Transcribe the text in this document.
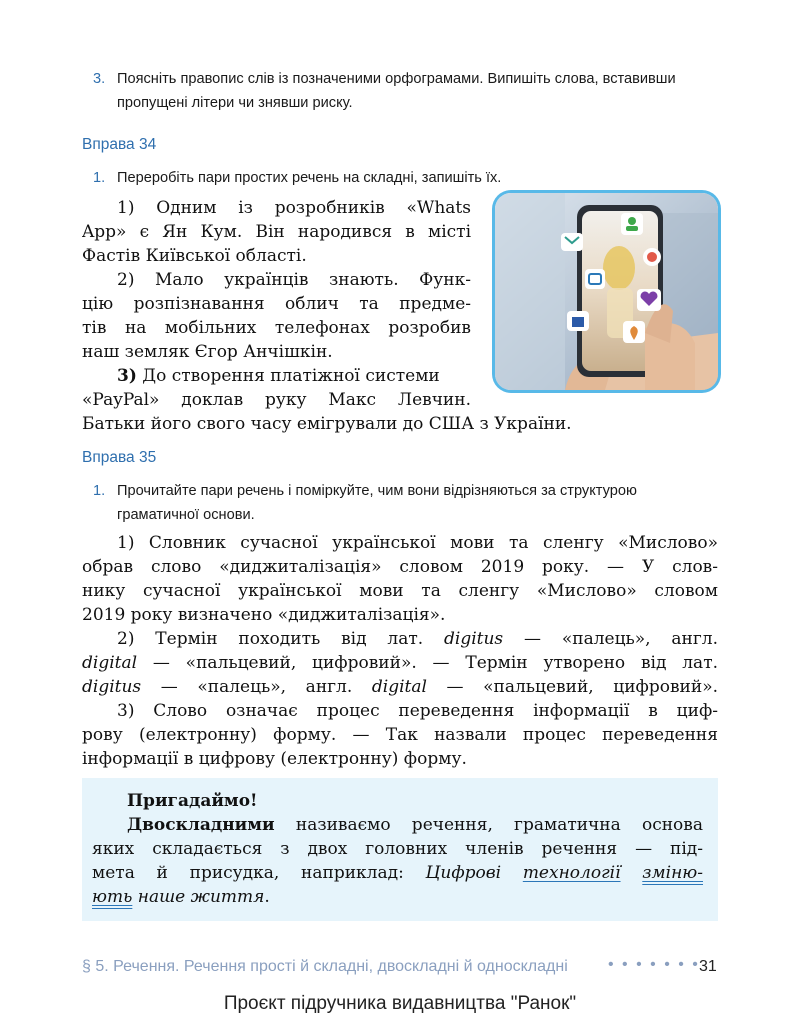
3. Поясніть правопис слів із позначеними орфограмами. Випишіть слова, вставивши пропущені літери чи знявши риску.
Вправа 34
1. Переробіть пари простих речень на складні, запишіть їх.
1) Одним із розробників «Whats
App» є Ян Кум. Він народився в місті
Фастів Київської області.
2) Мало українців знають. Функ-
цію розпізнавання облич та предме-
тів на мобільних телефонах розробив
наш земляк Єгор Анчішкін.
3) До створення платіжної системи
«PayPal» доклав руку Макс Левчин.
Батьки його свого часу емігрували до США з України.
Вправа 35
1. Прочитайте пари речень і поміркуйте, чим вони відрізняються за структурою граматичної основи.
1) Словник сучасної української мови та сленгу «Мислово»
обрав слово «диджиталізація» словом 2019 року. — У слов-
нику сучасної української мови та сленгу «Мислово» словом
2019 року визначено «диджиталізація».
2) Термін походить від лат. digitus — «палець», англ.
digital — «пальцевий, цифровий». — Термін утворено від лат.
digitus — «палець», англ. digital — «пальцевий, цифровий».
3) Слово означає процес переведення інформації в циф-
рову (електронну) форму. — Так назвали процес переведення
інформації в цифрову (електронну) форму.
Пригадаймо!
Двоскладними називаємо речення, граматична основа
яких складається з двох головних членів речення — під-
мета й присудка, наприклад: Цифрові технології зміню-
ють наше життя.
§ 5. Речення. Речення прості й складні, двоскладні й односкладні	• • • • • • • 31
Проєкт підручника видавництва "Ранок"
